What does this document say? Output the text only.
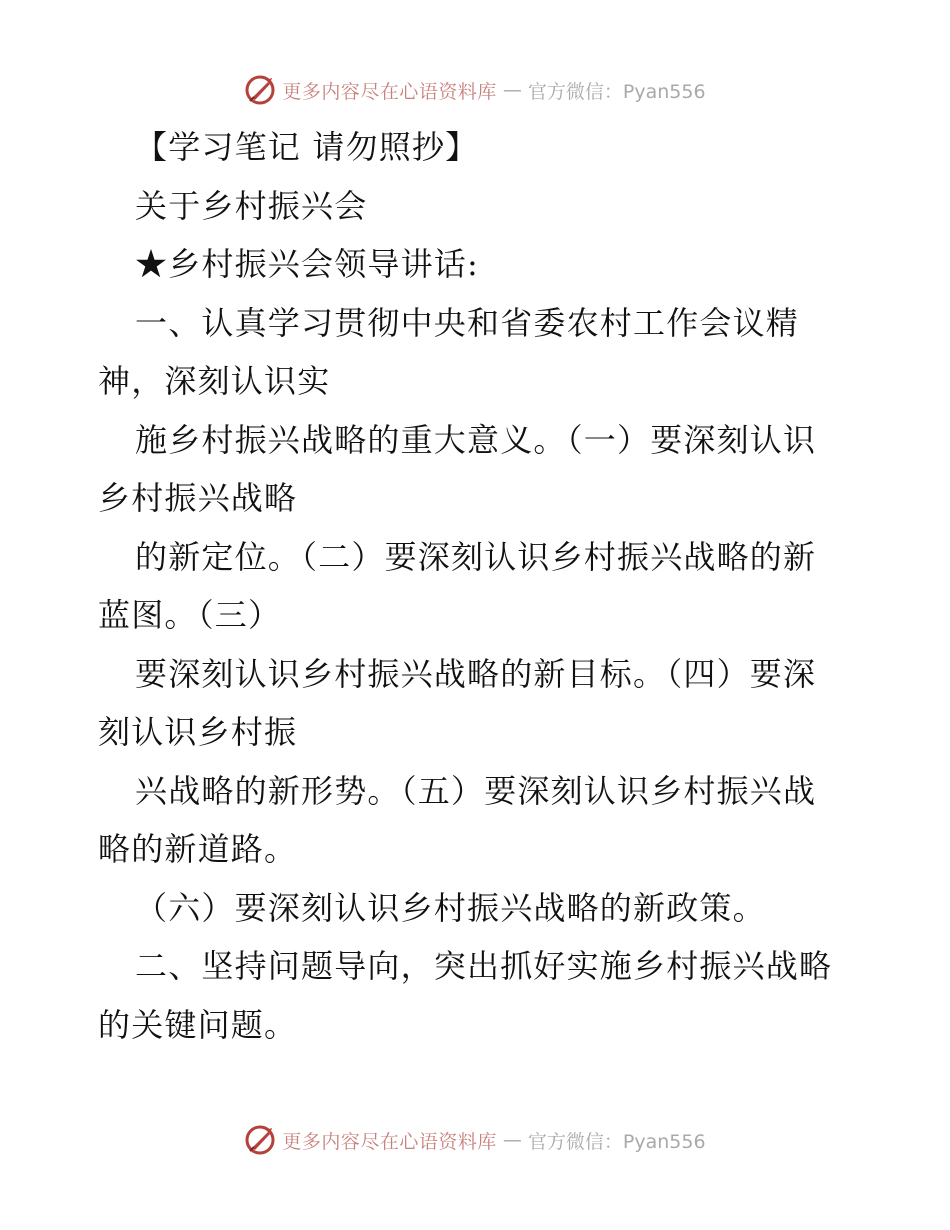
更多内容尽在心语资料库 — 官方微信：Pyan556
【学习笔记 请勿照抄】
关于乡村振兴会
★乡村振兴会领导讲话:
一、认真学习贯彻中央和省委农村工作会议精
神，深刻认识实
施乡村振兴战略的重大意义。（一）要深刻认识
乡村振兴战略
的新定位。（二）要深刻认识乡村振兴战略的新
蓝图。（三）
要深刻认识乡村振兴战略的新目标。（四）要深
刻认识乡村振
兴战略的新形势。（五）要深刻认识乡村振兴战
略的新道路。
（六）要深刻认识乡村振兴战略的新政策。
二、坚持问题导向，突出抓好实施乡村振兴战略
的关键问题。
更多内容尽在心语资料库 — 官方微信：Pyan556
